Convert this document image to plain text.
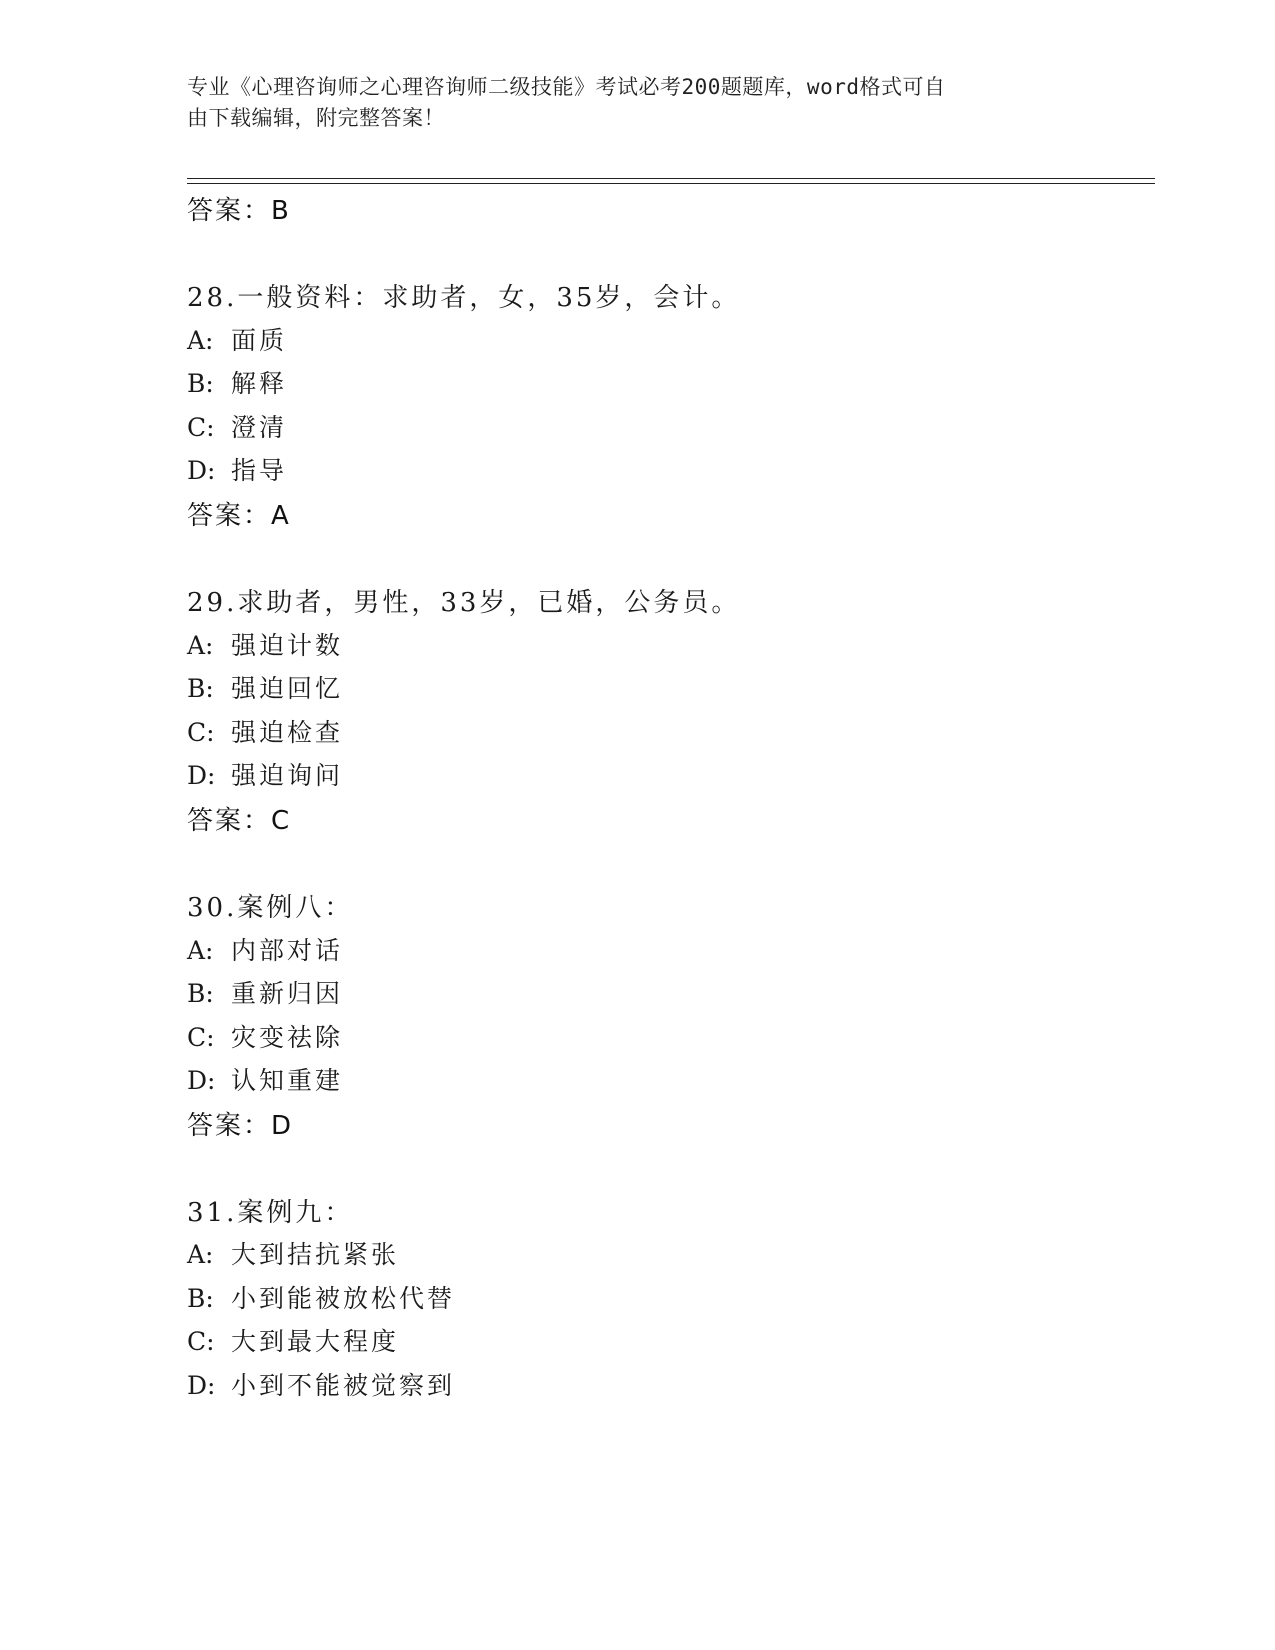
专业《心理咨询师之心理咨询师二级技能》考试必考200题题库，word格式可自
由下载编辑，附完整答案！
答案：B
28.一般资料：求助者，女，35岁，会计。
A: 面质
B: 解释
C: 澄清
D: 指导
答案：A
29.求助者，男性，33岁，已婚，公务员。
A: 强迫计数
B: 强迫回忆
C: 强迫检查
D: 强迫询问
答案：C
30.案例八：
A: 内部对话
B: 重新归因
C: 灾变祛除
D: 认知重建
答案：D
31.案例九：
A: 大到拮抗紧张
B: 小到能被放松代替
C: 大到最大程度
D: 小到不能被觉察到
